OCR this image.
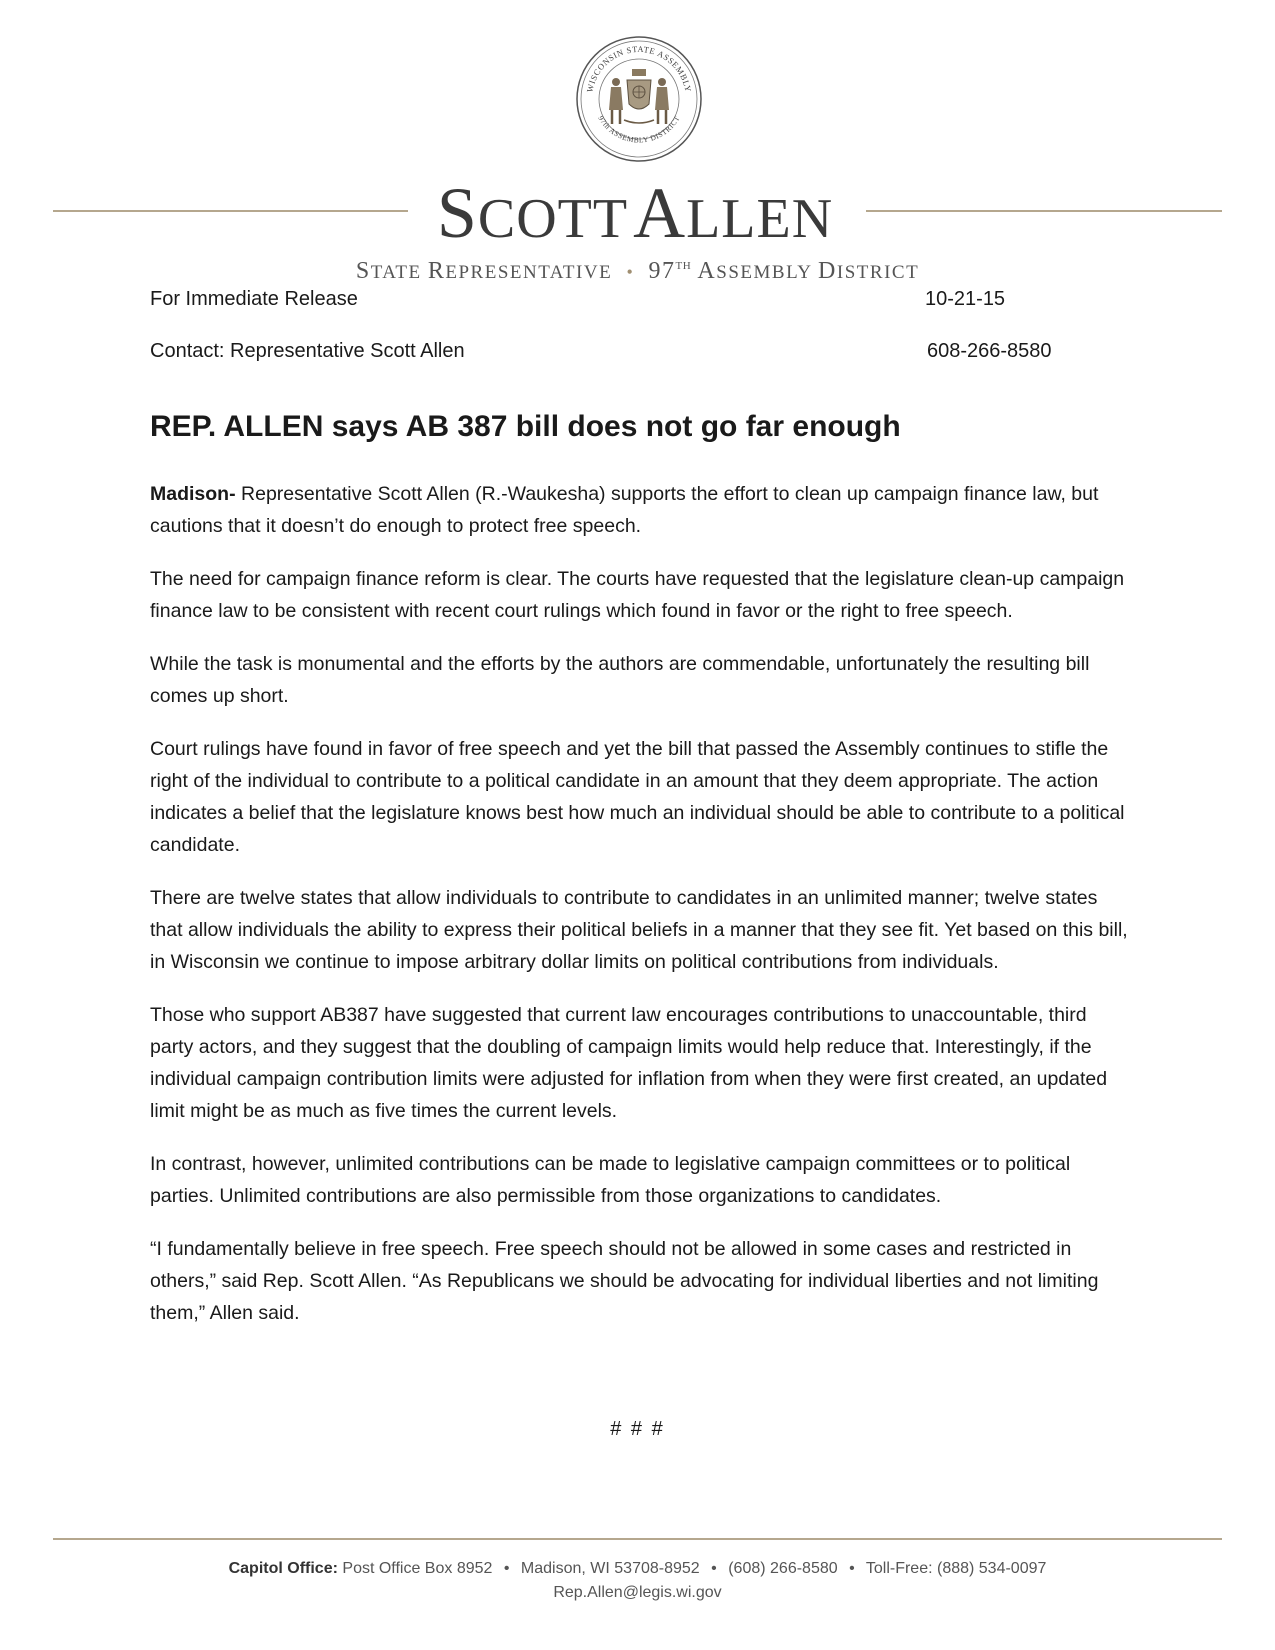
WISCONSIN STATE ASSEMBLY
97th ASSEMBLY DISTRICT
SCOTT ALLEN
STATE REPRESENTATIVE • 97TH ASSEMBLY DISTRICT
For Immediate Release	10-21-15
Contact: Representative Scott Allen	608-266-8580
REP. ALLEN says AB 387 bill does not go far enough

Madison- Representative Scott Allen (R.-Waukesha) supports the effort to clean up campaign finance law, but cautions that it doesn’t do enough to protect free speech.

The need for campaign finance reform is clear. The courts have requested that the legislature clean-up campaign finance law to be consistent with recent court rulings which found in favor or the right to free speech.

While the task is monumental and the efforts by the authors are commendable, unfortunately the resulting bill comes up short.

Court rulings have found in favor of free speech and yet the bill that passed the Assembly continues to stifle the right of the individual to contribute to a political candidate in an amount that they deem appropriate. The action indicates a belief that the legislature knows best how much an individual should be able to contribute to a political candidate.

There are twelve states that allow individuals to contribute to candidates in an unlimited manner; twelve states that allow individuals the ability to express their political beliefs in a manner that they see fit. Yet based on this bill, in Wisconsin we continue to impose arbitrary dollar limits on political contributions from individuals.

Those who support AB387 have suggested that current law encourages contributions to unaccountable, third party actors, and they suggest that the doubling of campaign limits would help reduce that. Interestingly, if the individual campaign contribution limits were adjusted for inflation from when they were first created, an updated limit might be as much as five times the current levels.

In contrast, however, unlimited contributions can be made to legislative campaign committees or to political parties. Unlimited contributions are also permissible from those organizations to candidates.

“I fundamentally believe in free speech. Free speech should not be allowed in some cases and restricted in others,” said Rep. Scott Allen. “As Republicans we should be advocating for individual liberties and not limiting them,” Allen said.

# # #
Capitol Office: Post Office Box 8952 • Madison, WI 53708-8952 • (608) 266-8580 • Toll-Free: (888) 534-0097
Rep.Allen@legis.wi.gov
